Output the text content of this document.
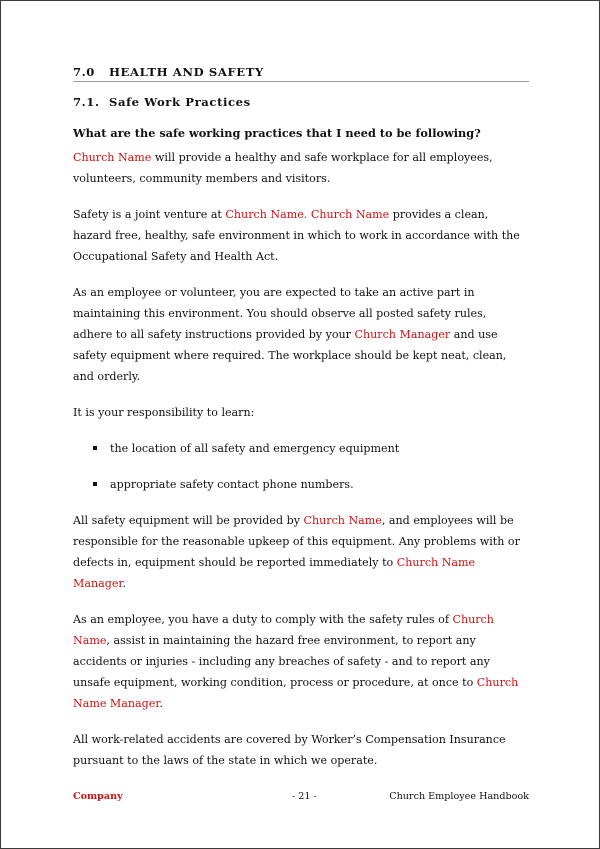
7.0 HEALTH AND SAFETY
7.1. Safe Work Practices
What are the safe working practices that I need to be following?

Church Name will provide a healthy and safe workplace for all employees, volunteers, community members and visitors.

Safety is a joint venture at Church Name. Church Name provides a clean, hazard free, healthy, safe environment in which to work in accordance with the Occupational Safety and Health Act.

As an employee or volunteer, you are expected to take an active part in maintaining this environment. You should observe all posted safety rules, adhere to all safety instructions provided by your Church Manager and use safety equipment where required. The workplace should be kept neat, clean, and orderly.

It is your responsibility to learn:

the location of all safety and emergency equipment
appropriate safety contact phone numbers.

All safety equipment will be provided by Church Name, and employees will be responsible for the reasonable upkeep of this equipment. Any problems with or defects in, equipment should be reported immediately to Church Name Manager.

As an employee, you have a duty to comply with the safety rules of Church Name, assist in maintaining the hazard free environment, to report any accidents or injuries - including any breaches of safety - and to report any unsafe equipment, working condition, process or procedure, at once to Church Name Manager.

All work-related accidents are covered by Worker’s Compensation Insurance pursuant to the laws of the state in which we operate.

Company	- 21 -	Church Employee Handbook
